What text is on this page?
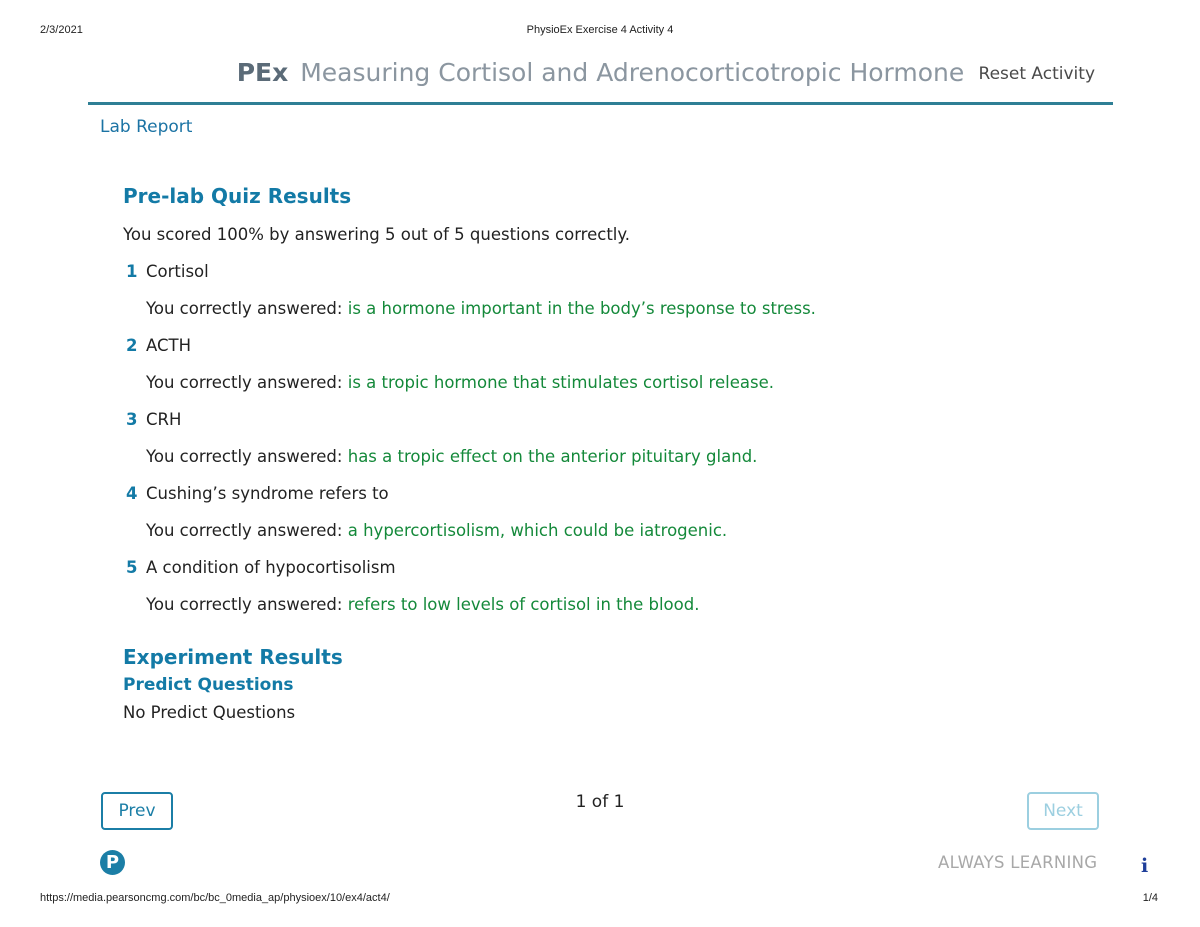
2/3/2021	PhysioEx Exercise 4 Activity 4
PEx Measuring Cortisol and Adrenocorticotropic Hormone Reset Activity
Lab Report
Pre-lab Quiz Results
You scored 100% by answering 5 out of 5 questions correctly.
1 Cortisol
You correctly answered: is a hormone important in the body’s response to stress.
2 ACTH
You correctly answered: is a tropic hormone that stimulates cortisol release.
3 CRH
You correctly answered: has a tropic effect on the anterior pituitary gland.
4 Cushing’s syndrome refers to
You correctly answered: a hypercortisolism, which could be iatrogenic.
5 A condition of hypocortisolism
You correctly answered: refers to low levels of cortisol in the blood.
Experiment Results
Predict Questions
No Predict Questions
Prev	1 of 1	Next
P	ALWAYS LEARNING i
https://media.pearsoncmg.com/bc/bc_0media_ap/physioex/10/ex4/act4/	1/4
